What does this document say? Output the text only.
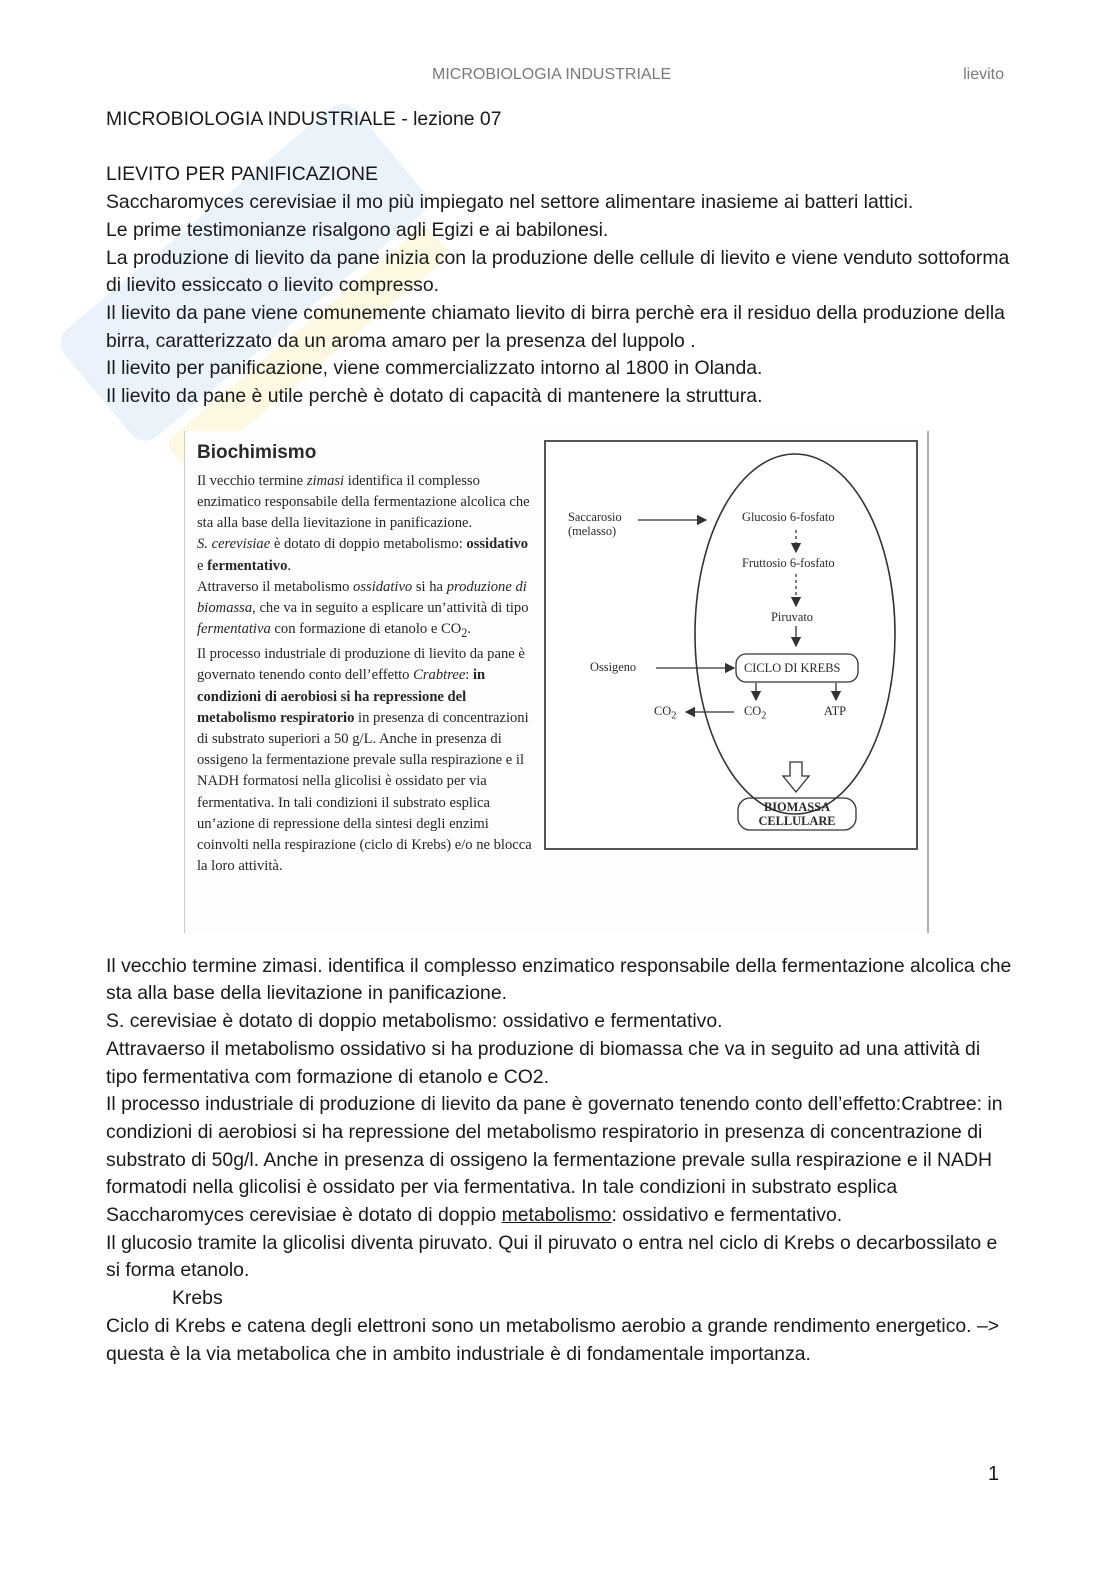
MICROBIOLOGIA INDUSTRIALE	lievito

MICROBIOLOGIA INDUSTRIALE - lezione 07

LIEVITO PER PANIFICAZIONE

Saccharomyces cerevisiae il mo più impiegato nel settore alimentare inasieme ai batteri lattici.

Le prime testimonianze risalgono agli Egizi e ai babilonesi.

La produzione di lievito da pane inizia con la produzione delle cellule di lievito e viene venduto sottoforma di lievito essiccato o lievito compresso.

Il lievito da pane viene comunemente chiamato lievito di birra perchè era il residuo della produzione della birra, caratterizzato da un aroma amaro per la presenza del luppolo .

Il lievito per panificazione, viene commercializzato intorno al 1800 in Olanda.

Il lievito da pane è utile perchè è dotato di capacità di mantenere la struttura.

Biochimismo

Il vecchio termine zimasi identifica il complesso enzimatico responsabile della fermentazione alcolica che sta alla base della lievitazione in panificazione.

S. cerevisiae è dotato di doppio metabolismo: ossidativo e fermentativo.

Attraverso il metabolismo ossidativo si ha produzione di biomassa, che va in seguito a esplicare un’attività di tipo fermentativa con formazione di etanolo e $CO_2$.

Il processo industriale di produzione di lievito da pane è governato tenendo conto dell’effetto Crabtree: in condizioni di aerobiosi si ha repressione del metabolismo respiratorio in presenza di concentrazioni di substrato superiori a 50 g/L. Anche in presenza di ossigeno la fermentazione prevale sulla respirazione e il NADH formatosi nella glicolisi è ossidato per via fermentativa. In tali condizioni il substrato esplica un’azione di repressione della sintesi degli enzimi coinvolti nella respirazione (ciclo di Krebs) e/o ne blocca la loro attività.

Saccarosio
(melasso)
Glucosio 6-fosfato
Fruttosio 6-fosfato
Piruvato
Ossigeno	CICLO DI KREBS
$CO_2$	$CO_2$	ATP
BIOMASSA
CELLULARE

Il vecchio termine zimasi. identifica il complesso enzimatico responsabile della fermentazione alcolica che sta alla base della lievitazione in panificazione.

S. cerevisiae è dotato di doppio metabolismo: ossidativo e fermentativo.

Attravaerso il metabolismo ossidativo si ha produzione di biomassa che va in seguito ad una attività di tipo fermentativa com formazione di etanolo e CO2.

Il processo industriale di produzione di lievito da pane è governato tenendo conto dell’effetto:Crabtree: in condizioni di aerobiosi si ha repressione del metabolismo respiratorio in presenza di concentrazione di substrato di 50g/l. Anche in presenza di ossigeno la fermentazione prevale sulla respirazione e il NADH formatodi nella glicolisi è ossidato per via fermentativa. In tale condizioni in substrato esplica

Saccharomyces cerevisiae è dotato di doppio metabolismo: ossidativo e fermentativo.

Il glucosio tramite la glicolisi diventa piruvato. Qui il piruvato o entra nel ciclo di Krebs o decarbossilato e si forma etanolo.

Krebs

Ciclo di Krebs e catena degli elettroni sono un metabolismo aerobio a grande rendimento energetico. –> questa è la via metabolica che in ambito industriale è di fondamentale importanza.

1
